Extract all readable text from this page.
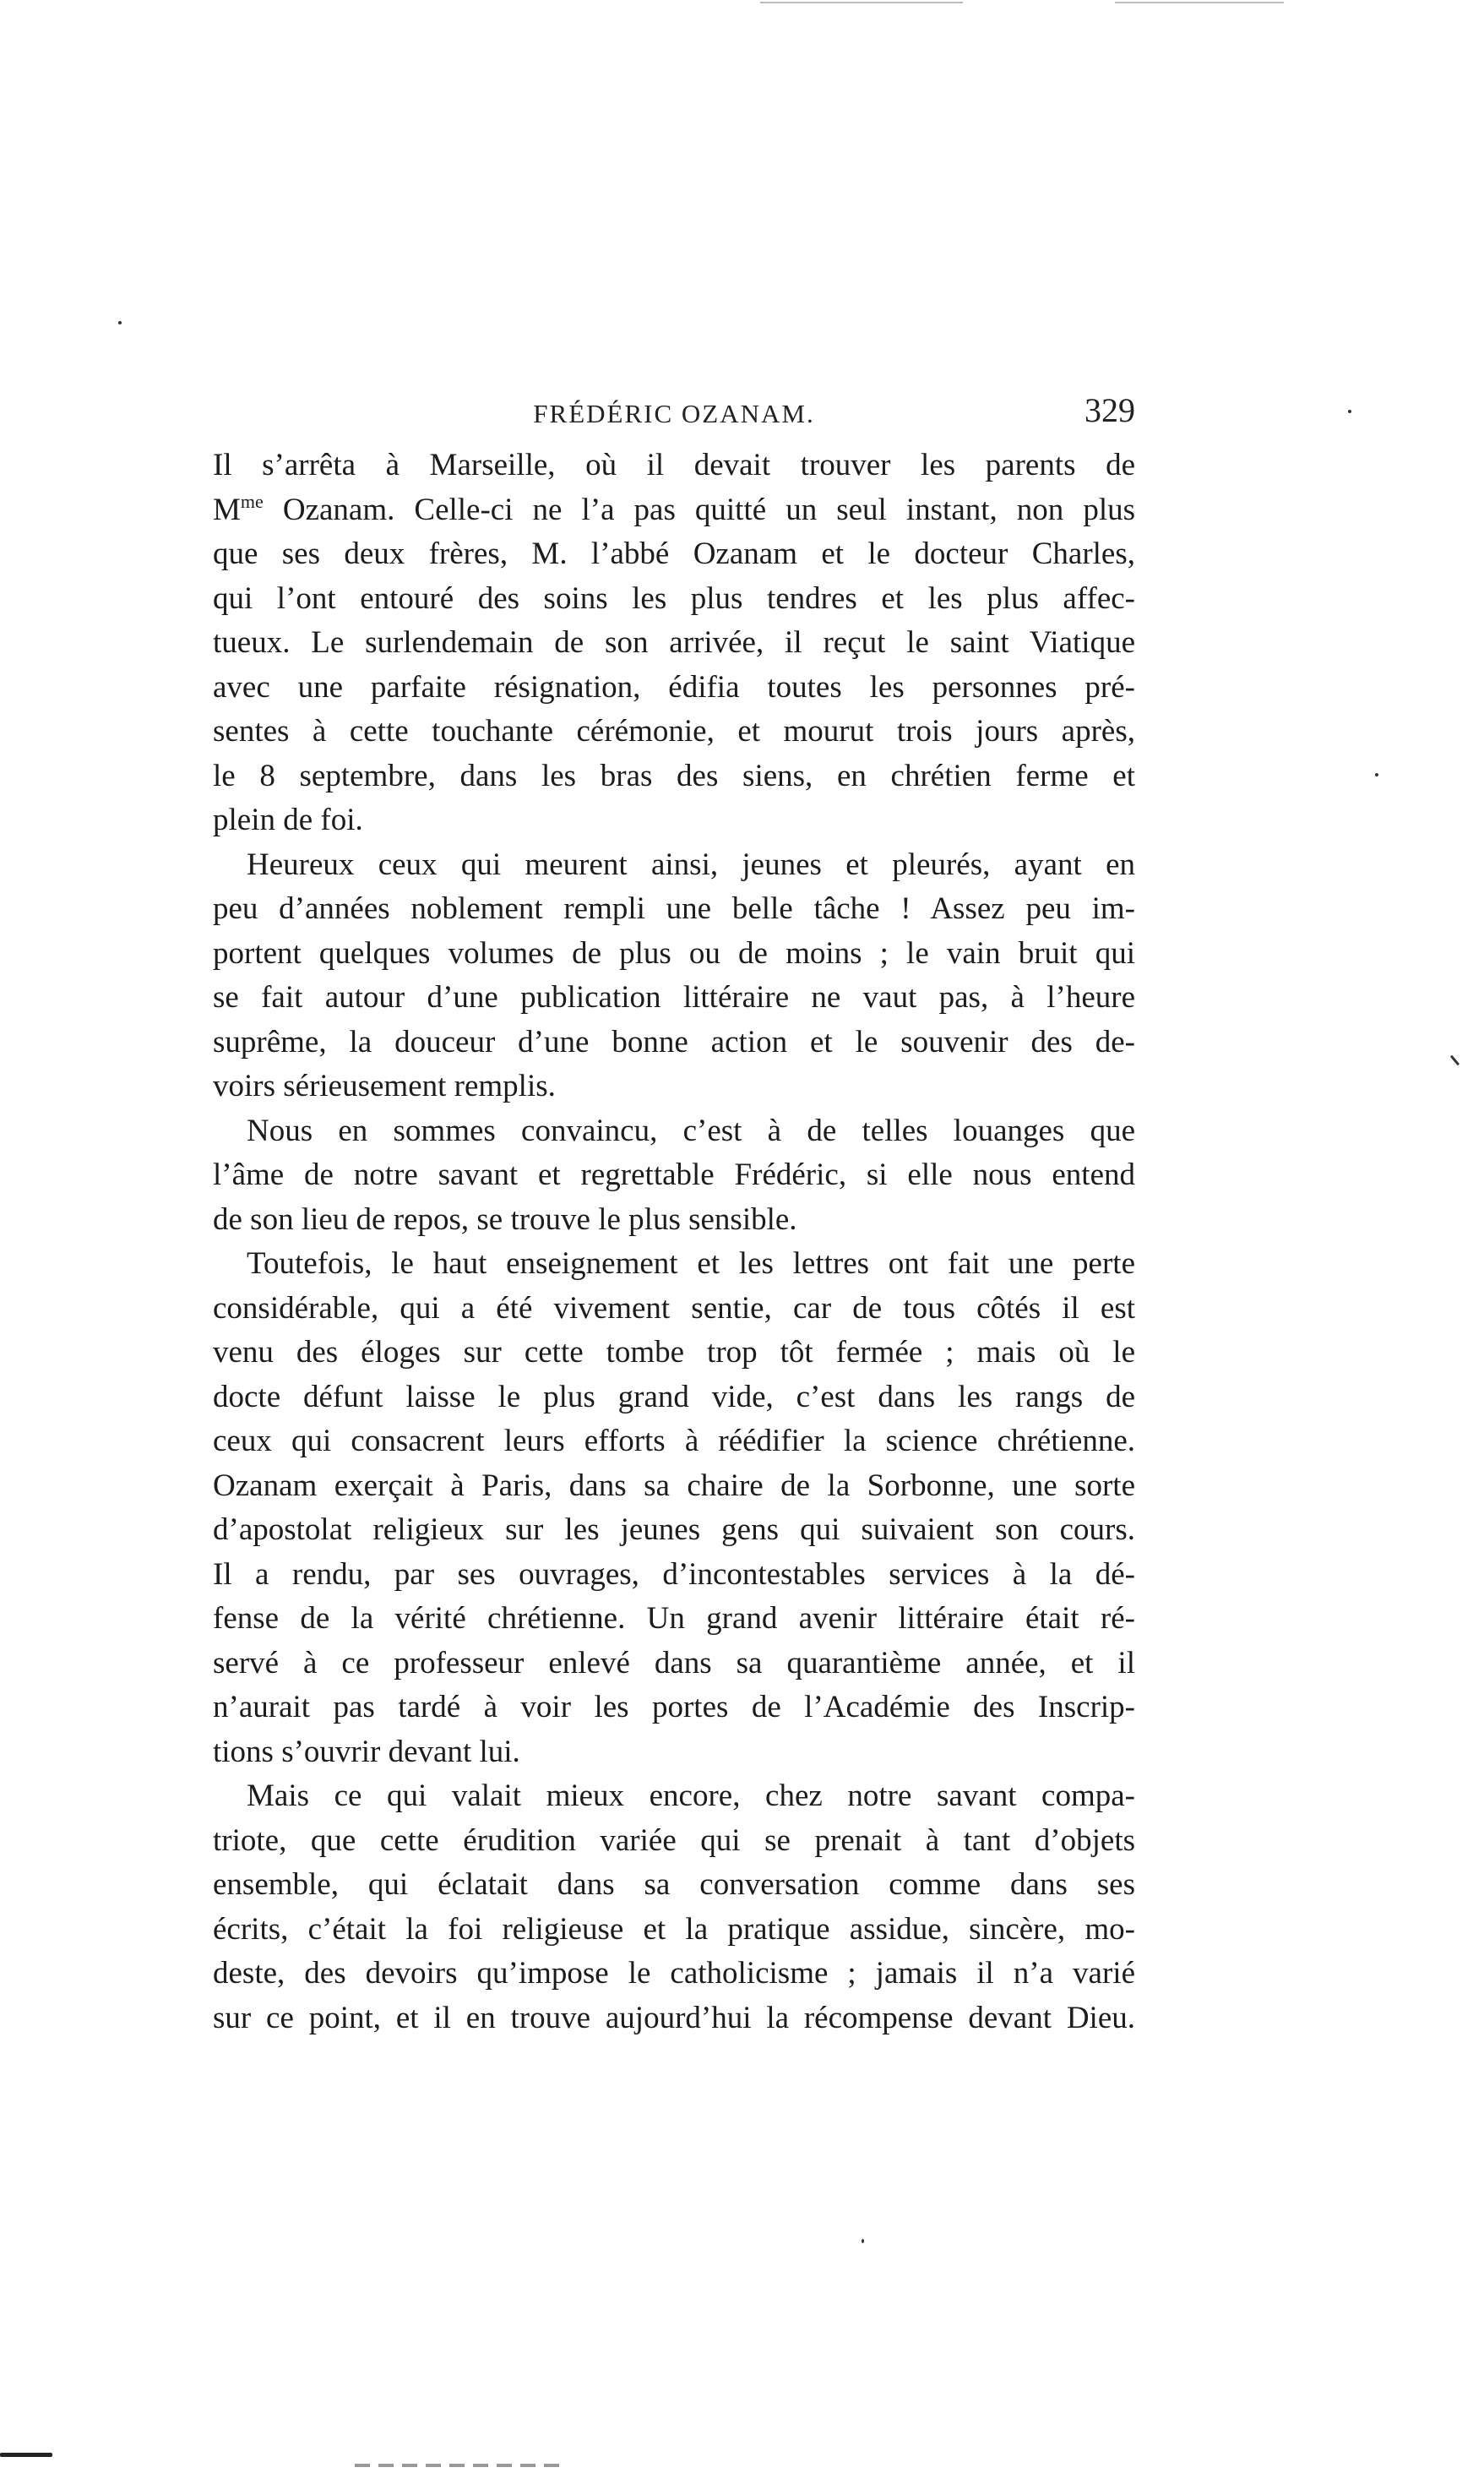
FRÉDÉRIC OZANAM.	329
Il s’arrêta à Marseille, où il devait trouver les parents de
$M^{me}$ Ozanam. Celle-ci ne l’a pas quitté un seul instant, non plus
que ses deux frères, M. l’abbé Ozanam et le docteur Charles,
qui l’ont entouré des soins les plus tendres et les plus affec-
tueux. Le surlendemain de son arrivée, il reçut le saint Viatique
avec une parfaite résignation, édifia toutes les personnes pré-
sentes à cette touchante cérémonie, et mourut trois jours après,
le 8 septembre, dans les bras des siens, en chrétien ferme et
plein de foi.
Heureux ceux qui meurent ainsi, jeunes et pleurés, ayant en
peu d’années noblement rempli une belle tâche ! Assez peu im-
portent quelques volumes de plus ou de moins ; le vain bruit qui
se fait autour d’une publication littéraire ne vaut pas, à l’heure
suprême, la douceur d’une bonne action et le souvenir des de-
voirs sérieusement remplis.
Nous en sommes convaincu, c’est à de telles louanges que
l’âme de notre savant et regrettable Frédéric, si elle nous entend
de son lieu de repos, se trouve le plus sensible.
Toutefois, le haut enseignement et les lettres ont fait une perte
considérable, qui a été vivement sentie, car de tous côtés il est
venu des éloges sur cette tombe trop tôt fermée ; mais où le
docte défunt laisse le plus grand vide, c’est dans les rangs de
ceux qui consacrent leurs efforts à réédifier la science chrétienne.
Ozanam exerçait à Paris, dans sa chaire de la Sorbonne, une sorte
d’apostolat religieux sur les jeunes gens qui suivaient son cours.
Il a rendu, par ses ouvrages, d’incontestables services à la dé-
fense de la vérité chrétienne. Un grand avenir littéraire était ré-
servé à ce professeur enlevé dans sa quarantième année, et il
n’aurait pas tardé à voir les portes de l’Académie des Inscrip-
tions s’ouvrir devant lui.
Mais ce qui valait mieux encore, chez notre savant compa-
triote, que cette érudition variée qui se prenait à tant d’objets
ensemble, qui éclatait dans sa conversation comme dans ses
écrits, c’était la foi religieuse et la pratique assidue, sincère, mo-
deste, des devoirs qu’impose le catholicisme ; jamais il n’a varié
sur ce point, et il en trouve aujourd’hui la récompense devant Dieu.
